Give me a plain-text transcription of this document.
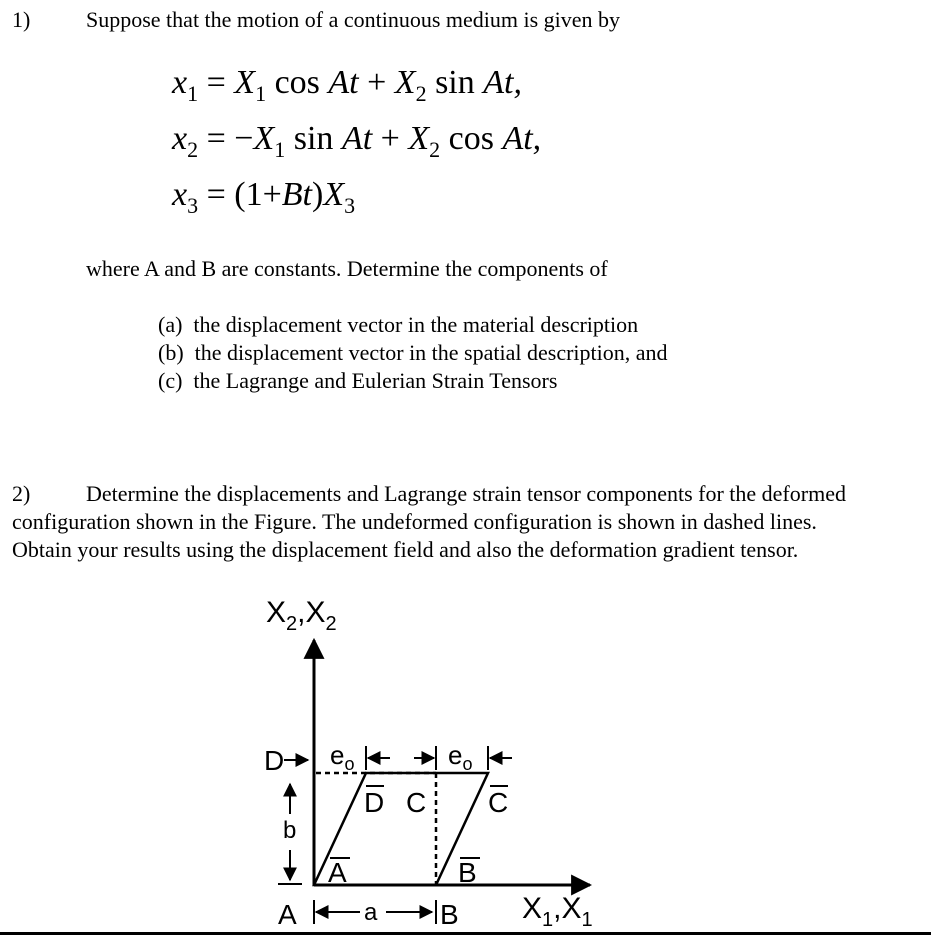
1)	Suppose that the motion of a continuous medium is given by
$x_1 = X_1$ $\cos At + X_2$ sin At,
$x_2 = -X_1$ $\sin At + X_2$ cos At,
$x_3 = (1+Bt)X_3$
where A and B are constants. Determine the components of
(a) the displacement vector in the material description
(b) the displacement vector in the spatial description, and
(c) the Lagrange and Eulerian Strain Tensors
2)	Determine the displacements and Lagrange strain tensor components for the deformed
configuration shown in the Figure. The undeformed configuration is shown in dashed lines.
Obtain your results using the displacement field and also the deformation gradient tensor.
$X_2,X_2$
$X_1,X_1$
D $e_o$	$e_o$
D C C
b
A	B
A	a B
